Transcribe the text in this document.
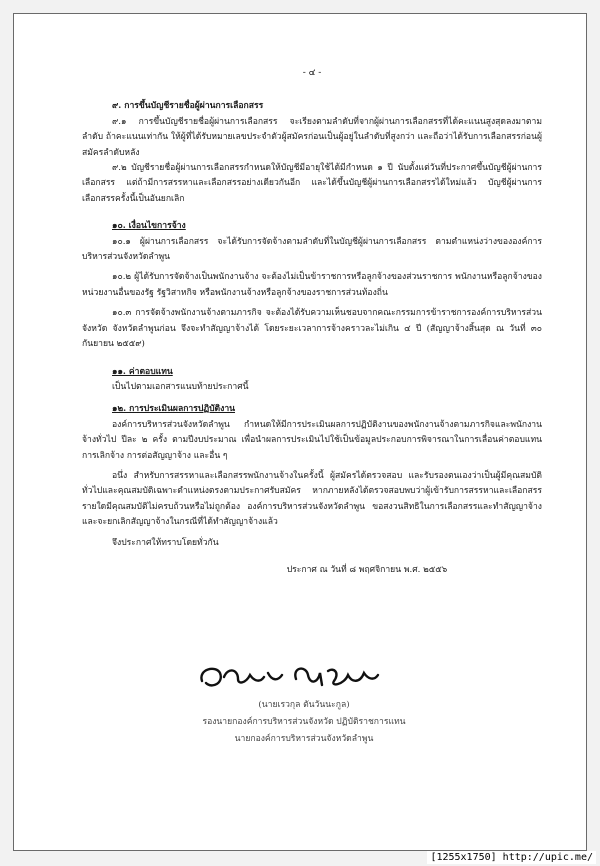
- ๔ -
๙. การขึ้นบัญชีรายชื่อผู้ผ่านการเลือกสรร

๙.๑ การขึ้นบัญชีรายชื่อผู้ผ่านการเลือกสรร จะเรียงตามลำดับที่จากผู้ผ่านการเลือกสรรที่ได้คะแนนสูงสุดลงมาตามลำดับ ถ้าคะแนนเท่ากัน ให้ผู้ที่ได้รับหมายเลขประจำตัวผู้สมัครก่อนเป็นผู้อยู่ในลำดับที่สูงกว่า และถือว่าได้รับการเลือกสรรก่อนผู้สมัครลำดับหลัง

๙.๒ บัญชีรายชื่อผู้ผ่านการเลือกสรรกำหนดให้บัญชีมีอายุใช้ได้มีกำหนด ๑ ปี นับตั้งแต่วันที่ประกาศขึ้นบัญชีผู้ผ่านการเลือกสรร แต่ถ้ามีการสรรหาและเลือกสรรอย่างเดียวกันอีก และได้ขึ้นบัญชีผู้ผ่านการเลือกสรรได้ใหม่แล้ว บัญชีผู้ผ่านการเลือกสรรครั้งนี้เป็นอันยกเลิก

๑๐. เงื่อนไขการจ้าง

๑๐.๑ ผู้ผ่านการเลือกสรร จะได้รับการจัดจ้างตามลำดับที่ในบัญชีผู้ผ่านการเลือกสรร ตามตำแหน่งว่างขององค์การบริหารส่วนจังหวัดลำพูน

๑๐.๒ ผู้ได้รับการจัดจ้างเป็นพนักงานจ้าง จะต้องไม่เป็นข้าราชการหรือลูกจ้างของส่วนราชการ พนักงานหรือลูกจ้างของหน่วยงานอื่นของรัฐ รัฐวิสาหกิจ หรือพนักงานจ้างหรือลูกจ้างของราชการส่วนท้องถิ่น

๑๐.๓ การจัดจ้างพนักงานจ้างตามภารกิจ จะต้องได้รับความเห็นชอบจากคณะกรรมการข้าราชการองค์การบริหารส่วนจังหวัด จังหวัดลำพูนก่อน จึงจะทำสัญญาจ้างได้ โดยระยะเวลาการจ้างคราวละไม่เกิน ๔ ปี (สัญญาจ้างสิ้นสุด ณ วันที่ ๓๐ กันยายน ๒๕๕๙)

๑๑. ค่าตอบแทน

เป็นไปตามเอกสารแนบท้ายประกาศนี้

๑๒. การประเมินผลการปฏิบัติงาน

องค์การบริหารส่วนจังหวัดลำพูน กำหนดให้มีการประเมินผลการปฏิบัติงานของพนักงานจ้างตามภารกิจและพนักงานจ้างทั่วไป ปีละ ๒ ครั้ง ตามปีงบประมาณ เพื่อนำผลการประเมินไปใช้เป็นข้อมูลประกอบการพิจารณาในการเลื่อนค่าตอบแทน การเลิกจ้าง การต่อสัญญาจ้าง และอื่น ๆ

อนึ่ง สำหรับการสรรหาและเลือกสรรพนักงานจ้างในครั้งนี้ ผู้สมัครได้ตรวจสอบ และรับรองตนเองว่าเป็นผู้มีคุณสมบัติทั่วไปและคุณสมบัติเฉพาะตำแหน่งตรงตามประกาศรับสมัคร หากภายหลังได้ตรวจสอบพบว่าผู้เข้ารับการสรรหาและเลือกสรรรายใดมีคุณสมบัติไม่ครบถ้วนหรือไม่ถูกต้อง องค์การบริหารส่วนจังหวัดลำพูน ขอสงวนสิทธิในการเลือกสรรและทำสัญญาจ้างและจะยกเลิกสัญญาจ้างในกรณีที่ได้ทำสัญญาจ้างแล้ว

จึงประกาศให้ทราบโดยทั่วกัน

ประกาศ ณ วันที่ ๘ พฤศจิกายน พ.ศ. ๒๕๕๖
(นายเรวกุล ตันวันนะกูล)
รองนายกองค์การบริหารส่วนจังหวัด ปฏิบัติราชการแทน
นายกองค์การบริหารส่วนจังหวัดลำพูน
[1255x1750] http://upic.me/
